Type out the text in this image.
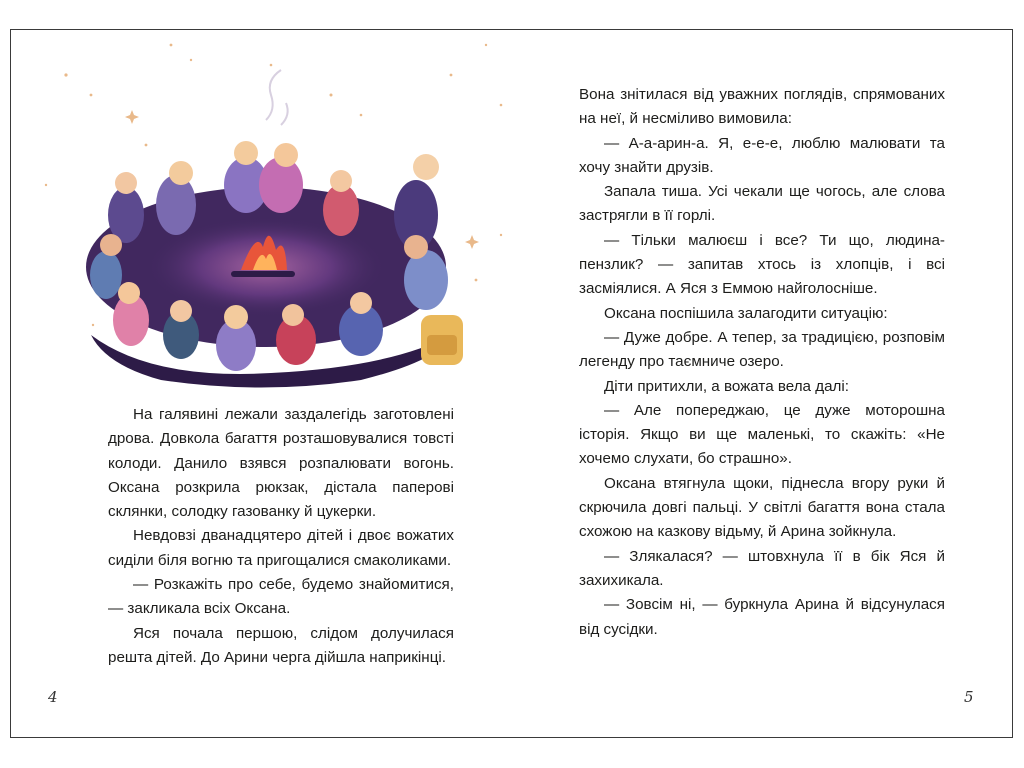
На галявині лежали заздалегідь заготовлені дрова. Довкола багаття розташовувалися товсті колоди. Данило взявся розпалювати вогонь. Оксана розкрила рюкзак, дістала паперові склянки, солодку газованку й цукерки.

Невдовзі дванадцятеро дітей і двоє вожатих сиділи біля вогню та пригощалися смаколиками.

— Розкажіть про себе, будемо знайомитися, — закликала всіх Оксана.

Яся почала першою, слідом долучилася решта дітей. До Арини черга дійшла наприкінці.

Вона знітилася від уважних поглядів, спрямованих на неї, й несміливо вимовила:

— А-а-арин-а. Я, е-е-е, люблю малювати та хочу знайти друзів.

Запала тиша. Усі чекали ще чогось, але слова застрягли в її горлі.

— Тільки малюєш і все? Ти що, людина-пензлик? — запитав хтось із хлопців, і всі засміялися. А Яся з Еммою найголосніше.

Оксана поспішила залагодити ситуацію:

— Дуже добре. А тепер, за традицією, розповім легенду про таємниче озеро.

Діти притихли, а вожата вела далі:

— Але попереджаю, це дуже моторошна історія. Якщо ви ще маленькі, то скажіть: «Не хочемо слухати, бо страшно».

Оксана втягнула щоки, піднесла вгору руки й скрючила довгі пальці. У світлі багаття вона стала схожою на казкову відьму, й Арина зойкнула.

— Злякалася? — штовхнула її в бік Яся й захихикала.

— Зовсім ні, — буркнула Арина й відсунулася від сусідки.

4	5
